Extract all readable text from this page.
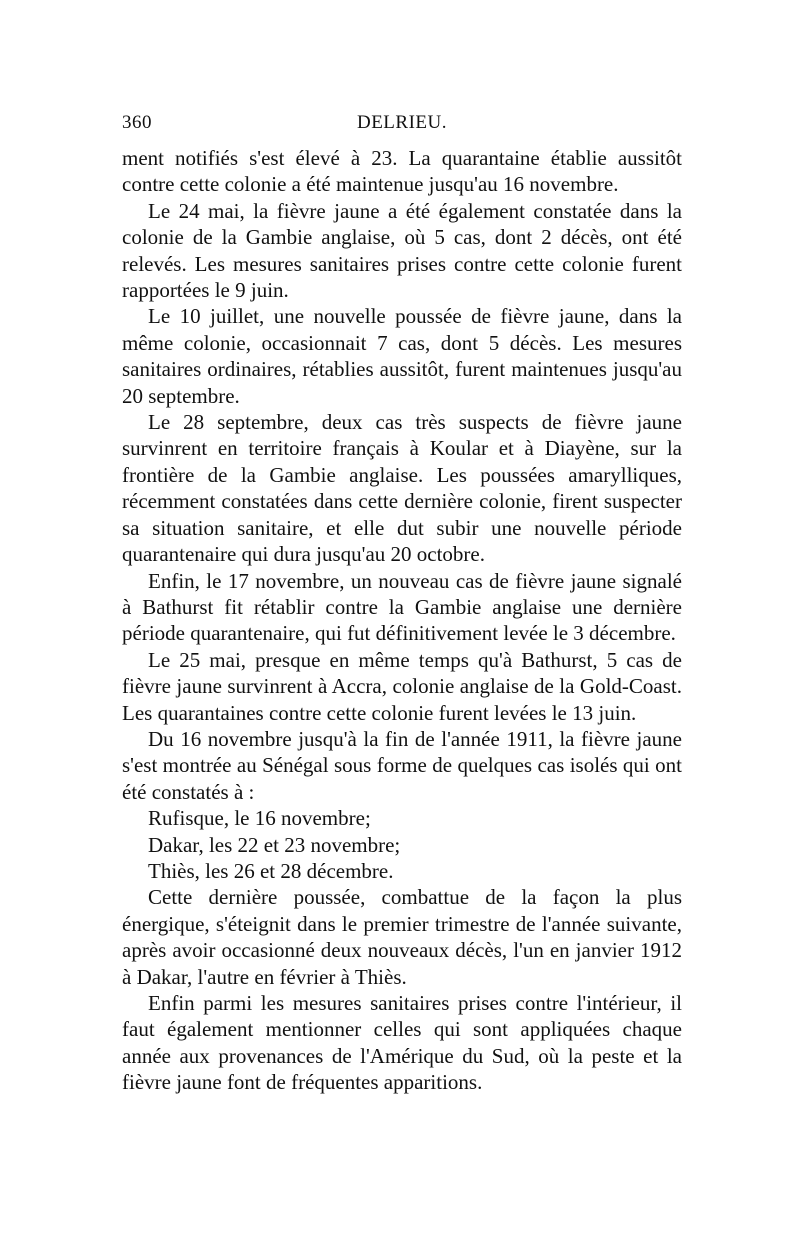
360	DELRIEU.

ment notifiés s'est élevé à 23. La quarantaine établie aussitôt contre cette colonie a été maintenue jusqu'au 16 novembre.

Le 24 mai, la fièvre jaune a été également constatée dans la colonie de la Gambie anglaise, où 5 cas, dont 2 décès, ont été relevés. Les mesures sanitaires prises contre cette colonie furent rapportées le 9 juin.

Le 10 juillet, une nouvelle poussée de fièvre jaune, dans la même colonie, occasionnait 7 cas, dont 5 décès. Les mesures sanitaires ordinaires, rétablies aussitôt, furent maintenues jusqu'au 20 septembre.

Le 28 septembre, deux cas très suspects de fièvre jaune survinrent en territoire français à Koular et à Diayène, sur la frontière de la Gambie anglaise. Les poussées amarylliques, récemment constatées dans cette dernière colonie, firent suspecter sa situation sanitaire, et elle dut subir une nouvelle période quarantenaire qui dura jusqu'au 20 octobre.

Enfin, le 17 novembre, un nouveau cas de fièvre jaune signalé à Bathurst fit rétablir contre la Gambie anglaise une dernière période quarantenaire, qui fut définitivement levée le 3 décembre.

Le 25 mai, presque en même temps qu'à Bathurst, 5 cas de fièvre jaune survinrent à Accra, colonie anglaise de la Gold-Coast. Les quarantaines contre cette colonie furent levées le 13 juin.

Du 16 novembre jusqu'à la fin de l'année 1911, la fièvre jaune s'est montrée au Sénégal sous forme de quelques cas isolés qui ont été constatés à :

Rufisque, le 16 novembre;

Dakar, les 22 et 23 novembre;

Thiès, les 26 et 28 décembre.

Cette dernière poussée, combattue de la façon la plus énergique, s'éteignit dans le premier trimestre de l'année suivante, après avoir occasionné deux nouveaux décès, l'un en janvier 1912 à Dakar, l'autre en février à Thiès.

Enfin parmi les mesures sanitaires prises contre l'intérieur, il faut également mentionner celles qui sont appliquées chaque année aux provenances de l'Amérique du Sud, où la peste et la fièvre jaune font de fréquentes apparitions.
